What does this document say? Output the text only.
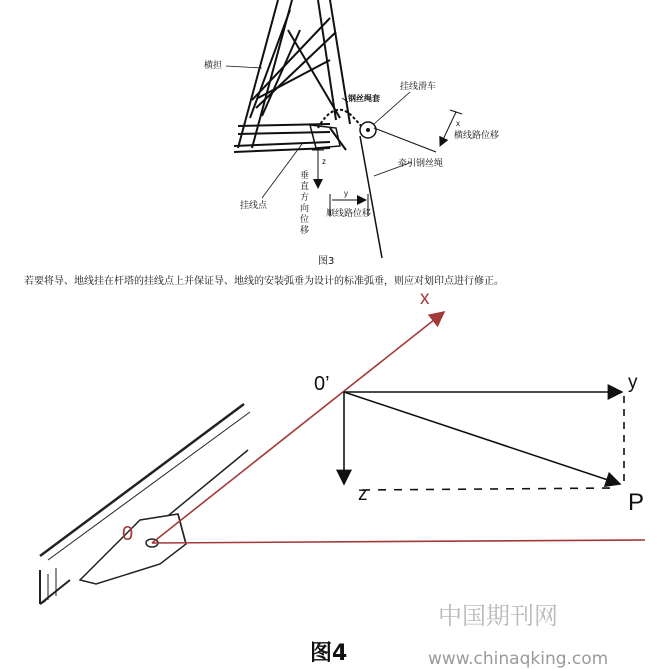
横担
钢丝绳套
挂线滑车
x
横线路位移
牵引钢丝绳
z
垂
直
方
向
位
移
挂线点
y
顺线路位移
图3
若要将导、地线挂在杆塔的挂线点上并保证导、地线的安装弧垂为设计的标准弧垂，则应对划印点进行修正。
0’
0
x
y
z	P
中国期刊网
图4	www.chinaqking.com
